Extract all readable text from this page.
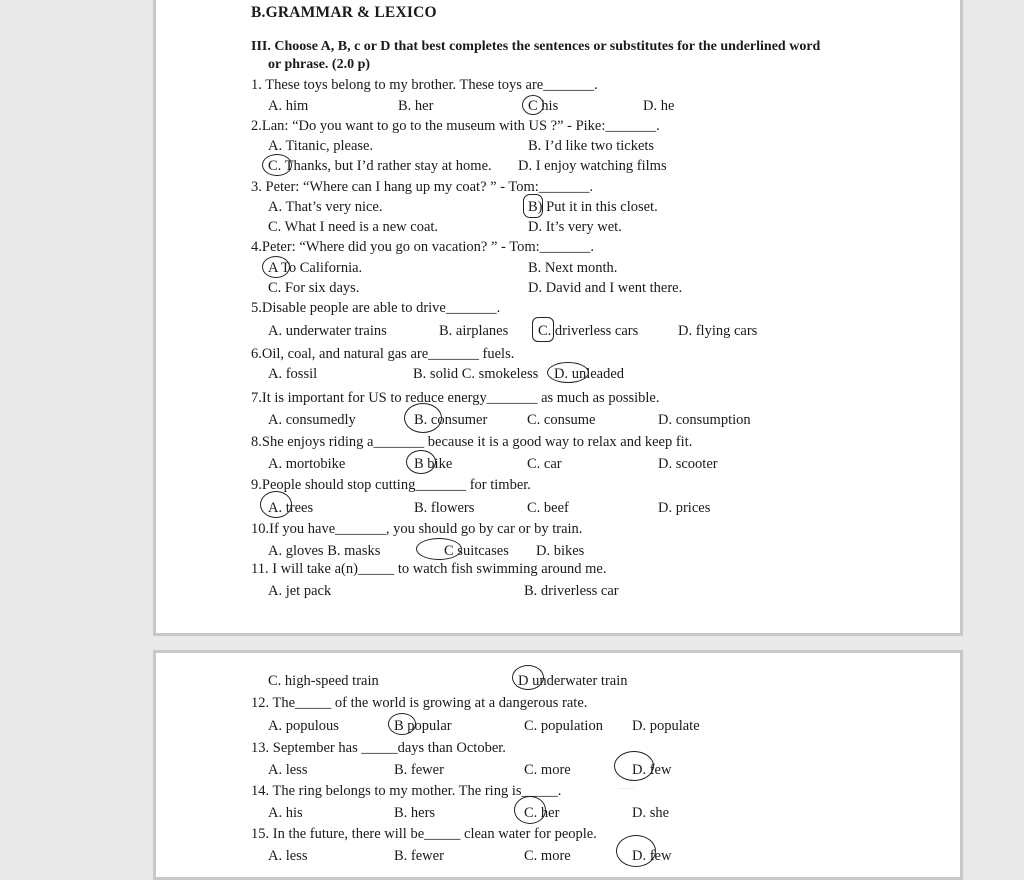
B.GRAMMAR & LEXICO
III. Choose A, B, c or D that best completes the sentences or substitutes for the underlined word
or phrase. (2.0 p)
1. These toys belong to my brother. These toys are_______.
A. him	B. her	C his	D. he
2.Lan: “Do you want to go to the museum with US ?” - Pike:_______.
A. Titanic, please.	B. I’d like two tickets
C. Thanks, but I’d rather stay at home. D. I enjoy watching films
3. Peter: “Where can I hang up my coat? ” - Tom:_______.
A. That’s very nice.	B) Put it in this closet.
C. What I need is a new coat.	D. It’s very wet.
4.Peter: “Where did you go on vacation? ” - Tom:_______.
A To California.	B. Next month.
C. For six days.	D. David and I went there.
5.Disable people are able to drive_______.
A. underwater trains	B. airplanes C. driverless cars	D. flying cars
6.Oil, coal, and natural gas are_______ fuels.
A. fossil	B. solid C. smokeless D. unleaded
7.It is important for US to reduce energy_______ as much as possible.
A. consumedly	B. consumer	C. consume	D. consumption
8.She enjoys riding a_______ because it is a good way to relax and keep fit.
A. mortobike	B bike	C. car	D. scooter
9.People should stop cutting_______ for timber.
A. trees	B. flowers	C. beef	D. prices
10.If you have_______, you should go by car or by train.
A. gloves B. masks	C suitcases D. bikes
11. I will take a(n)_____ to watch fish swimming around me.
A. jet pack	B. driverless car
C. high-speed train	D underwater train
12. The_____ of the world is growing at a dangerous rate.
A. populous	B popular	C. population D. populate
13. September has _____days than October.
A. less	B. fewer	C. more	D. few
14. The ring belongs to my mother. The ring is_____.	············
A. his	B. hers	C. her	D. she
15. In the future, there will be_____ clean water for people.
A. less	B. fewer	C. more	D. few
